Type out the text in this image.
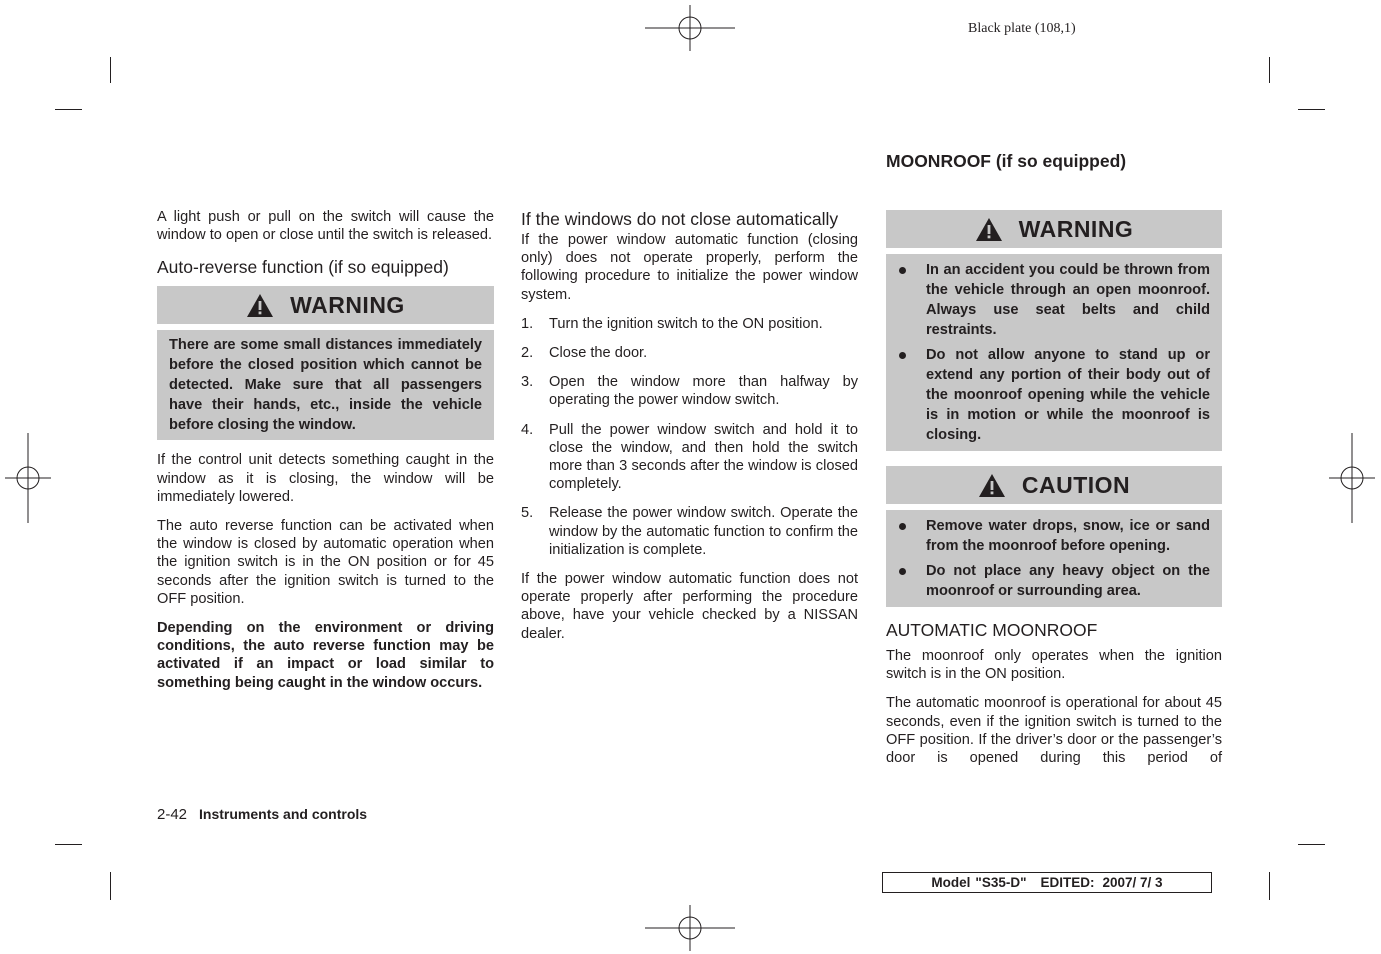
Black plate (108,1)

A light push or pull on the switch will cause the window to open or close until the switch is released.

Auto-reverse function (if so equipped)
WARNING

There are some small distances immediately before the closed position which cannot be detected. Make sure that all passengers have their hands, etc., inside the vehicle before closing the window.

If the control unit detects something caught in the window as it is closing, the window will be immediately lowered.

The auto reverse function can be activated when the window is closed by automatic operation when the ignition switch is in the ON position or for 45 seconds after the ignition switch is turned to the OFF position.

Depending on the environment or driving conditions, the auto reverse function may be activated if an impact or load similar to something being caught in the window occurs.

If the windows do not close automatically

If the power window automatic function (closing only) does not operate properly, perform the following procedure to initialize the power window system.

1. Turn the ignition switch to the ON position.
2. Close the door.
3. Open the window more than halfway by operating the power window switch.
4. Pull the power window switch and hold it to close the window, and then hold the switch more than 3 seconds after the window is closed completely.
5. Release the power window switch. Operate the window by the automatic function to confirm the initialization is complete.

If the power window automatic function does not operate properly after performing the procedure above, have your vehicle checked by a NISSAN dealer.

MOONROOF (if so equipped)
WARNING
In an accident you could be thrown from the vehicle through an open moonroof. Always use seat belts and child restraints.
Do not allow anyone to stand up or extend any portion of their body out of the moonroof opening while the vehicle is in motion or while the moonroof is closing.
CAUTION
Remove water drops, snow, ice or sand from the moonroof before opening.
Do not place any heavy object on the moonroof or surrounding area.
AUTOMATIC MOONROOF

The moonroof only operates when the ignition switch is in the ON position.

The automatic moonroof is operational for about 45 seconds, even if the ignition switch is turned to the OFF position. If the driver’s door or the passenger’s door is opened during this period of

2-42 Instruments and controls
Model "S35-D" EDITED: 2007/ 7/ 3
